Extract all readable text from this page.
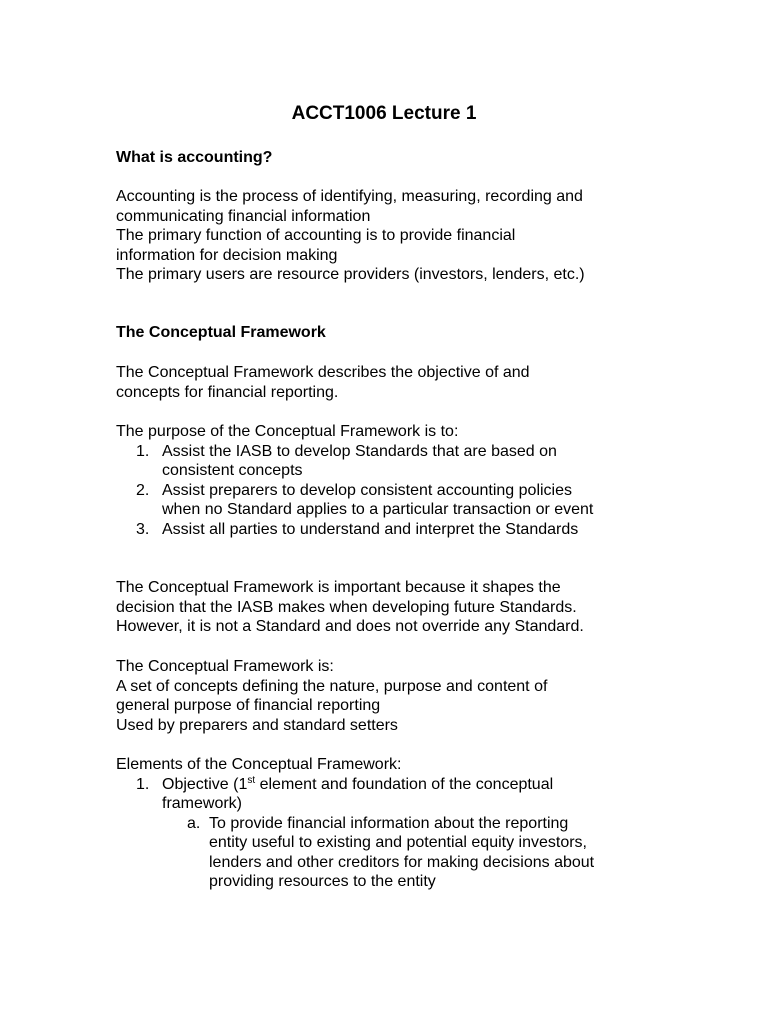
ACCT1006 Lecture 1

What is accounting?

Accounting is the process of identifying, measuring, recording and

communicating financial information

The primary function of accounting is to provide financial

information for decision making

The primary users are resource providers (investors, lenders, etc.)

The Conceptual Framework

The Conceptual Framework describes the objective of and

concepts for financial reporting.

The purpose of the Conceptual Framework is to:

1. Assist the IASB to develop Standards that are based on

consistent concepts

2. Assist preparers to develop consistent accounting policies

when no Standard applies to a particular transaction or event

3. Assist all parties to understand and interpret the Standards

The Conceptual Framework is important because it shapes the

decision that the IASB makes when developing future Standards.

However, it is not a Standard and does not override any Standard.

The Conceptual Framework is:

A set of concepts defining the nature, purpose and content of

general purpose of financial reporting

Used by preparers and standard setters

Elements of the Conceptual Framework:

1. Objective (1st element and foundation of the conceptual

framework)

a. To provide financial information about the reporting

entity useful to existing and potential equity investors,

lenders and other creditors for making decisions about

providing resources to the entity
